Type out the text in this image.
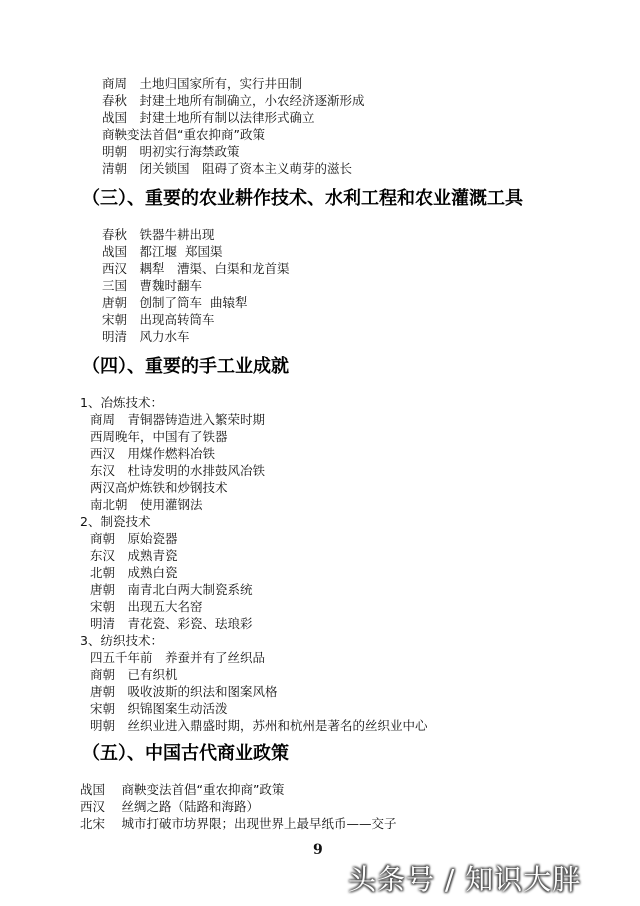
商周　土地归国家所有，实行井田制
春秋　封建土地所有制确立，小农经济逐渐形成
战国　封建土地所有制以法律形式确立
商鞅变法首倡“重农抑商”政策
明朝　明初实行海禁政策
清朝　闭关锁国　阻碍了资本主义萌芽的滋长
（三）、重要的农业耕作技术、水利工程和农业灌溉工具
春秋　铁器牛耕出现
战国　都江堰  郑国渠
西汉　耦犁　漕渠、白渠和龙首渠
三国　曹魏时翻车
唐朝　创制了筒车  曲辕犁
宋朝　出现高转筒车
明清　风力水车
（四）、重要的手工业成就
1、冶炼技术：
商周　青铜器铸造进入繁荣时期
西周晚年，中国有了铁器
西汉　用煤作燃料冶铁
东汉　杜诗发明的水排鼓风冶铁
两汉高炉炼铁和炒钢技术
南北朝　使用灌钢法
2、制瓷技术
商朝　原始瓷器
东汉　成熟青瓷
北朝　成熟白瓷
唐朝　南青北白两大制瓷系统
宋朝　出现五大名窑
明清　青花瓷、彩瓷、珐琅彩
3、纺织技术：
四五千年前　养蚕并有了丝织品
商朝　已有织机
唐朝　吸收波斯的织法和图案风格
宋朝　织锦图案生动活泼
明朝　丝织业进入鼎盛时期，苏州和杭州是著名的丝织业中心
（五）、中国古代商业政策
战国　 商鞅变法首倡“重农抑商”政策
西汉　 丝绸之路（陆路和海路）
北宋　 城市打破市坊界限；出现世界上最早纸币——交子
9
头条号 / 知识大胖
